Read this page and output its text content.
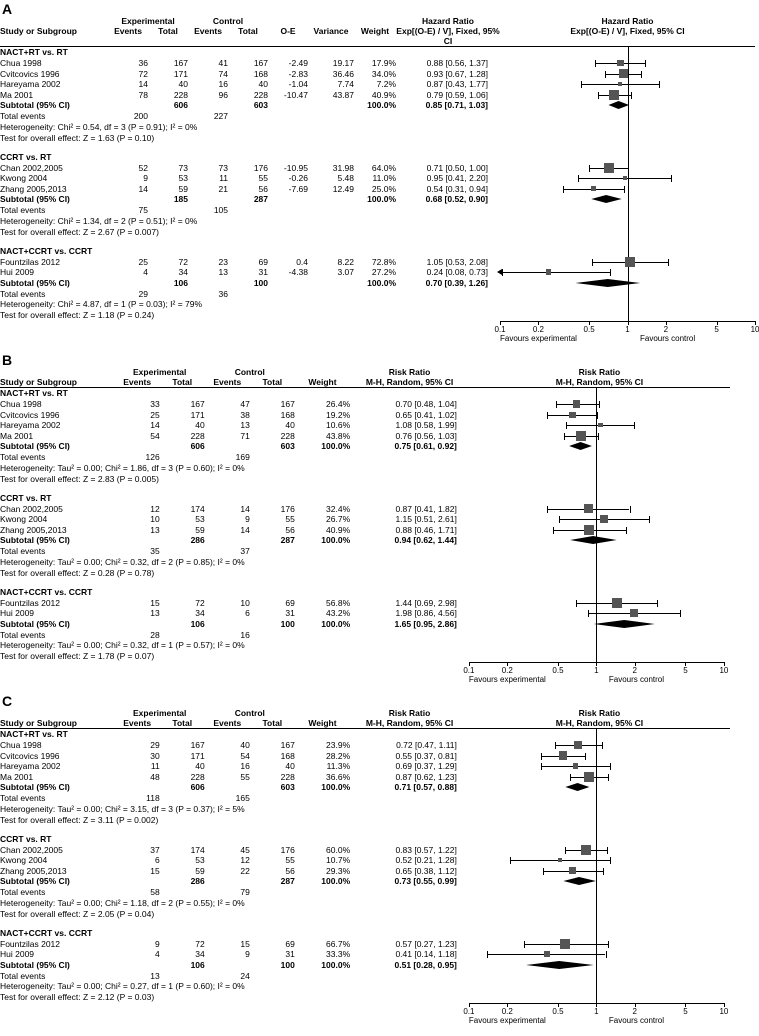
A
	Experimental		Control					Hazard Ratio	Hazard Ratio
Study or Subgroup	Events	Total	Events	Total	O-E	Variance	Weight	Exp[(O-E) / V], Fixed, 95% CI	Exp[(O-E) / V], Fixed, 95% CI
NACT+RT vs. RT									

Chua 1998	36	167	41	167	-2.49	19.17	17.9%	0.88 [0.56, 1.37]	

Cvitcovics 1996	72	171	74	168	-2.83	36.46	34.0%	0.93 [0.67, 1.28]	

Hareyama 2002	14	40	16	40	-1.04	7.74	7.2%	0.87 [0.43, 1.77]	

Ma 2001	78	228	96	228	-10.47	43.87	40.9%	0.79 [0.59, 1.06]	

Subtotal (95% CI)		606		603			100.0%	0.85 [0.71, 1.03]	

Total events	200		227						

Heterogeneity: Chi² = 0.54, df = 3 (P = 0.91); I² = 0%									

Test for overall effect: Z = 1.63 (P = 0.10)									

CCRT vs. RT									

Chan 2002,2005	52	73	73	176	-10.95	31.98	64.0%	0.71 [0.50, 1.00]	

Kwong 2004	9	53	11	55	-0.26	5.48	11.0%	0.95 [0.41, 2.20]	

Zhang 2005,2013	14	59	21	56	-7.69	12.49	25.0%	0.54 [0.31, 0.94]	

Subtotal (95% CI)		185		287			100.0%	0.68 [0.52, 0.90]	

Total events	75		105						

Heterogeneity: Chi² = 1.34, df = 2 (P = 0.51); I² = 0%									

Test for overall effect: Z = 2.67 (P = 0.007)									

NACT+CCRT vs. CCRT									

Fountzilas 2012	25	72	23	69	0.4	8.22	72.8%	1.05 [0.53, 2.08]	

Hui 2009	4	34	13	31	-4.38	3.07	27.2%	0.24 [0.08, 0.73]	

Subtotal (95% CI)		106		100			100.0%	0.70 [0.39, 1.26]	

Total events	29		36						

Heterogeneity: Chi² = 4.87, df = 1 (P = 0.03); I² = 79%									

Test for overall effect: Z = 1.18 (P = 0.24)									

0.1	0.2	0.5	1	2	5	10
Favours experimental	Favours control
B
	Experimental		Control			Risk Ratio	Risk Ratio
Study or Subgroup	Events	Total	Events	Total	Weight	M-H, Random, 95% CI	M-H, Random, 95% CI
NACT+RT vs. RT							

Chua 1998	33	167	47	167	26.4%	0.70 [0.48, 1.04]	

Cvitcovics 1996	25	171	38	168	19.2%	0.65 [0.41, 1.02]	

Hareyama 2002	14	40	13	40	10.6%	1.08 [0.58, 1.99]	

Ma 2001	54	228	71	228	43.8%	0.76 [0.56, 1.03]	

Subtotal (95% CI)		606		603	100.0%	0.75 [0.61, 0.92]	

Total events	126		169				

Heterogeneity: Tau² = 0.00; Chi² = 1.86, df = 3 (P = 0.60); I² = 0%							

Test for overall effect: Z = 2.83 (P = 0.005)							

CCRT vs. RT							

Chan 2002,2005	12	174	14	176	32.4%	0.87 [0.41, 1.82]	

Kwong 2004	10	53	9	55	26.7%	1.15 [0.51, 2.61]	

Zhang 2005,2013	13	59	14	56	40.9%	0.88 [0.46, 1.71]	

Subtotal (95% CI)		286		287	100.0%	0.94 [0.62, 1.44]	

Total events	35		37				

Heterogeneity: Tau² = 0.00; Chi² = 0.32, df = 2 (P = 0.85); I² = 0%							

Test for overall effect: Z = 0.28 (P = 0.78)							

NACT+CCRT vs. CCRT							

Fountzilas 2012	15	72	10	69	56.8%	1.44 [0.69, 2.98]	

Hui 2009	13	34	6	31	43.2%	1.98 [0.86, 4.56]	

Subtotal (95% CI)		106		100	100.0%	1.65 [0.95, 2.86]	

Total events	28		16				

Heterogeneity: Tau² = 0.00; Chi² = 0.32, df = 1 (P = 0.57); I² = 0%							

Test for overall effect: Z = 1.78 (P = 0.07)							

0.1	0.2	0.5	1	2	5	10
Favours experimental	Favours control
C
	Experimental		Control			Risk Ratio	Risk Ratio
Study or Subgroup	Events	Total	Events	Total	Weight	M-H, Random, 95% CI	M-H, Random, 95% CI
NACT+RT vs. RT							

Chua 1998	29	167	40	167	23.9%	0.72 [0.47, 1.11]	

Cvitcovics 1996	30	171	54	168	28.2%	0.55 [0.37, 0.81]	

Hareyama 2002	11	40	16	40	11.3%	0.69 [0.37, 1.29]	

Ma 2001	48	228	55	228	36.6%	0.87 [0.62, 1.23]	

Subtotal (95% CI)		606		603	100.0%	0.71 [0.57, 0.88]	

Total events	118		165				

Heterogeneity: Tau² = 0.00; Chi² = 3.15, df = 3 (P = 0.37); I² = 5%							

Test for overall effect: Z = 3.11 (P = 0.002)							

CCRT vs. RT							

Chan 2002,2005	37	174	45	176	60.0%	0.83 [0.57, 1.22]	

Kwong 2004	6	53	12	55	10.7%	0.52 [0.21, 1.28]	

Zhang 2005,2013	15	59	22	56	29.3%	0.65 [0.38, 1.12]	

Subtotal (95% CI)		286		287	100.0%	0.73 [0.55, 0.99]	

Total events	58		79				

Heterogeneity: Tau² = 0.00; Chi² = 1.18, df = 2 (P = 0.55); I² = 0%							

Test for overall effect: Z = 2.05 (P = 0.04)							

NACT+CCRT vs. CCRT							

Fountzilas 2012	9	72	15	69	66.7%	0.57 [0.27, 1.23]	

Hui 2009	4	34	9	31	33.3%	0.41 [0.14, 1.18]	

Subtotal (95% CI)		106		100	100.0%	0.51 [0.28, 0.95]	

Total events	13		24				

Heterogeneity: Tau² = 0.00; Chi² = 0.27, df = 1 (P = 0.60); I² = 0%							

Test for overall effect: Z = 2.12 (P = 0.03)							

0.1	0.2	0.5	1	2	5	10
Favours experimental	Favours control
